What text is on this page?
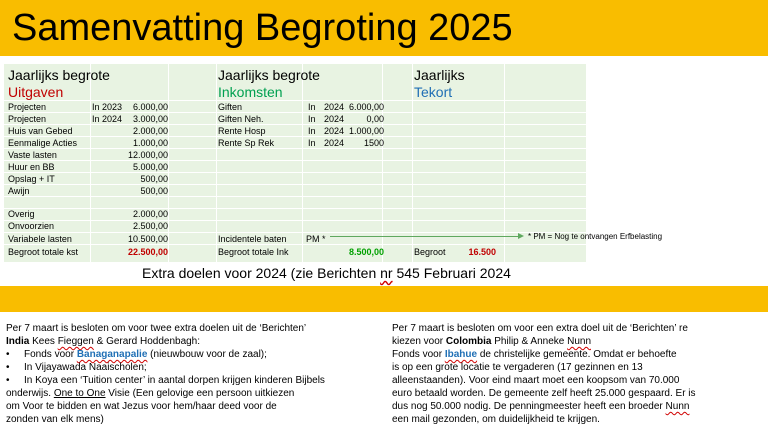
Samenvatting Begroting 2025
Jaarlijks begrote
Uitgaven
Jaarlijks begrote
Inkomsten
Jaarlijks
Tekort
Projecten	In 2023	6.000,00
Projecten	In 2024	3.000,00
Huis van Gebed	2.000,00
Eenmalige Acties	1.000,00
Vaste lasten	12.000,00
Huur en BB	5.000,00
Opslag + IT	500,00
Awijn	500,00
Overig	2.000,00
Onvoorzien	2.500,00
Variabele lasten	10.500,00
Begroot totale kst	22.500,00
Giften	In 2024 6.000,00
Giften Neh.	In 2024	0,00
Rente Hosp	In 2024 1.000,00
Rente Sp Rek	In 2024	1500
Incidentele baten PM *
Begroot totale Ink	8.500,00	Begroot	16.500
* PM = Nog te ontvangen Erfbelasting
Extra doelen voor 2024 (zie Berichten nr 545 Februari 2024

Per 7 maart is besloten om voor twee extra doelen uit de ‘Berichten’

India Kees Fieggen & Gerard Hoddenbagh:

•	Fonds voor Banaganapalie (nieuwbouw voor de zaal);

•	In Vijayawada Naaischolen;

•	In Koya een ‘Tuition center’ in aantal dorpen krijgen kinderen Bijbels

onderwijs. One to One Visie (Een gelovige een persoon uitkiezen

om Voor te bidden en wat Jezus voor hem/haar deed voor de

zonden van elk mens)

Per 7 maart is besloten om voor een extra doel uit de ‘Berichten’ re

kiezen voor Colombia Philip & Anneke Nunn

Fonds voor Ibahue de christelijke gemeente. Omdat er behoefte

is op een grote locatie te vergaderen (17 gezinnen en 13

alleenstaanden). Voor eind maart moet een koopsom van 70.000

euro betaald worden. De gemeente zelf heeft 25.000 gespaard. Er is

dus nog 50.000 nodig. De penningmeester heeft een broeder Nunn

een mail gezonden, om duidelijkheid te krijgen.
